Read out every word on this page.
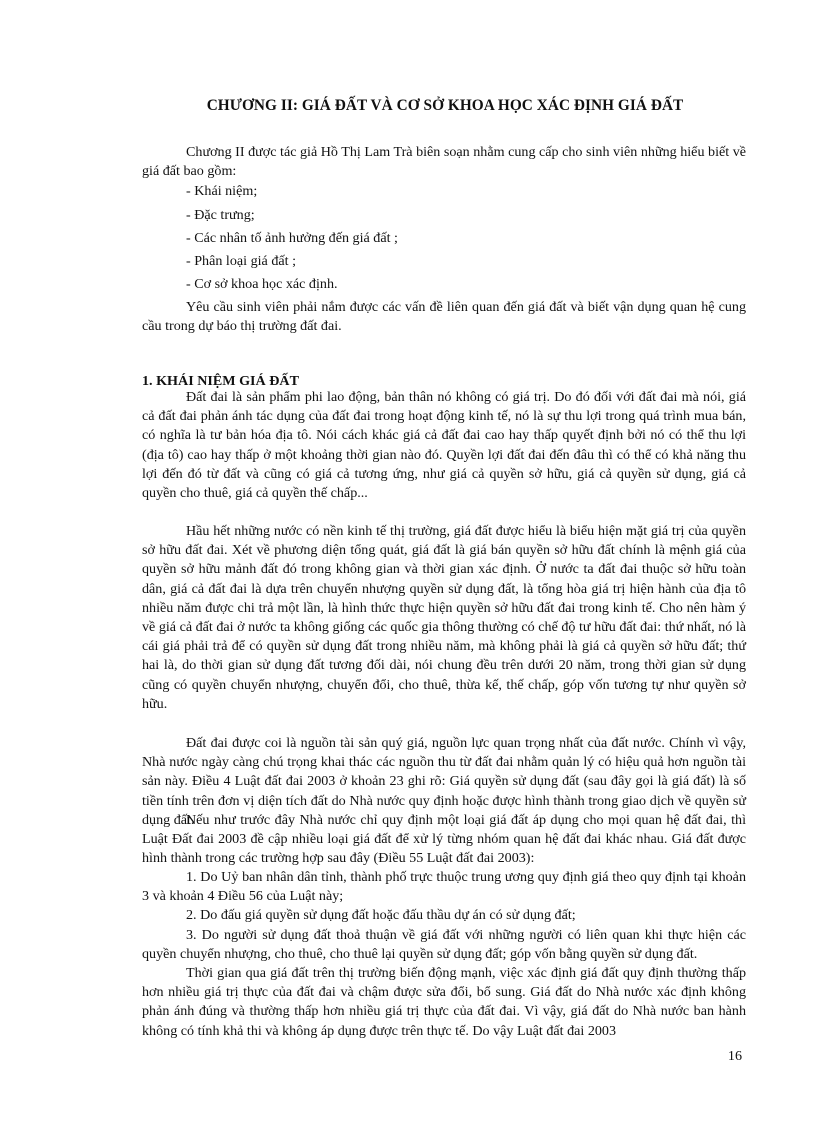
CHƯƠNG II: GIÁ ĐẤT VÀ CƠ SỞ KHOA HỌC XÁC ĐỊNH GIÁ ĐẤT

Chương II được tác giả Hồ Thị Lam Trà biên soạn nhằm cung cấp cho sinh viên những hiểu biết về giá đất bao gồm:

- Khái niệm;

- Đặc trưng;

- Các nhân tố ảnh hưởng đến giá đất ;

- Phân loại giá đất ;

- Cơ sở khoa học xác định.

Yêu cầu sinh viên phải nắm được các vấn đề liên quan đến giá đất và biết vận dụng quan hệ cung cầu trong dự báo thị trường đất đai.

1. KHÁI NIỆM GIÁ ĐẤT

Đất đai là sản phẩm phi lao động, bản thân nó không có giá trị. Do đó đối với đất đai mà nói, giá cả đất đai phản ánh tác dụng của đất đai trong hoạt động kinh tế, nó là sự thu lợi trong quá trình mua bán, có nghĩa là tư bản hóa địa tô. Nói cách khác giá cả đất đai cao hay thấp quyết định bởi nó có thể thu lợi (địa tô) cao hay thấp ở một khoảng thời gian nào đó. Quyền lợi đất đai đến đâu thì có thể có khả năng thu lợi đến đó từ đất và cũng có giá cả tương ứng, như giá cả quyền sở hữu, giá cả quyền sử dụng, giá cả quyền cho thuê, giá cả quyền thế chấp...

Hầu hết những nước có nền kinh tế thị trường, giá đất được hiểu là biểu hiện mặt giá trị của quyền sở hữu đất đai. Xét về phương diện tổng quát, giá đất là giá bán quyền sở hữu đất chính là mệnh giá của quyền sở hữu mảnh đất đó trong không gian và thời gian xác định. Ở nước ta đất đai thuộc sở hữu toàn dân, giá cả đất đai là dựa trên chuyển nhượng quyền sử dụng đất, là tổng hòa giá trị hiện hành của địa tô nhiều năm được chi trả một lần, là hình thức thực hiện quyền sở hữu đất đai trong kinh tế. Cho nên hàm ý về giá cả đất đai ở nước ta không giống các quốc gia thông thường có chế độ tư hữu đất đai: thứ nhất, nó là cái giá phải trả để có quyền sử dụng đất trong nhiều năm, mà không phải là giá cả quyền sở hữu đất; thứ hai là, do thời gian sử dụng đất tương đối dài, nói chung đều trên dưới 20 năm, trong thời gian sử dụng cũng có quyền chuyển nhượng, chuyển đổi, cho thuê, thừa kế, thế chấp, góp vốn tương tự như quyền sở hữu.

Đất đai được coi là nguồn tài sản quý giá, nguồn lực quan trọng nhất của đất nước. Chính vì vậy, Nhà nước ngày càng chú trọng khai thác các nguồn thu từ đất đai nhằm quản lý có hiệu quả hơn nguồn tài sản này. Điều 4 Luật đất đai 2003 ở khoản 23 ghi rõ: Giá quyền sử dụng đất (sau đây gọi là giá đất) là số tiền tính trên đơn vị diện tích đất do Nhà nước quy định hoặc được hình thành trong giao dịch về quyền sử dụng đất.

Nếu như trước đây Nhà nước chỉ quy định một loại giá đất áp dụng cho mọi quan hệ đất đai, thì Luật Đất đai 2003 đề cập nhiều loại giá đất để xử lý từng nhóm quan hệ đất đai khác nhau. Giá đất được hình thành trong các trường hợp sau đây (Điều 55 Luật đất đai 2003):

1. Do Uỷ ban nhân dân tỉnh, thành phố trực thuộc trung ương quy định giá theo quy định tại khoản 3 và khoản 4 Điều 56 của Luật này;

2. Do đấu giá quyền sử dụng đất hoặc đấu thầu dự án có sử dụng đất;

3. Do người sử dụng đất thoả thuận về giá đất với những người có liên quan khi thực hiện các quyền chuyển nhượng, cho thuê, cho thuê lại quyền sử dụng đất; góp vốn bằng quyền sử dụng đất.

Thời gian qua giá đất trên thị trường biến động mạnh, việc xác định giá đất quy định thường thấp hơn nhiều giá trị thực của đất đai và chậm được sửa đổi, bổ sung. Giá đất do Nhà nước xác định không phản ánh đúng và thường thấp hơn nhiều giá trị thực của đất đai. Vì vậy, giá đất do Nhà nước ban hành không có tính khả thi và không áp dụng được trên thực tế. Do vậy Luật đất đai 2003

16
